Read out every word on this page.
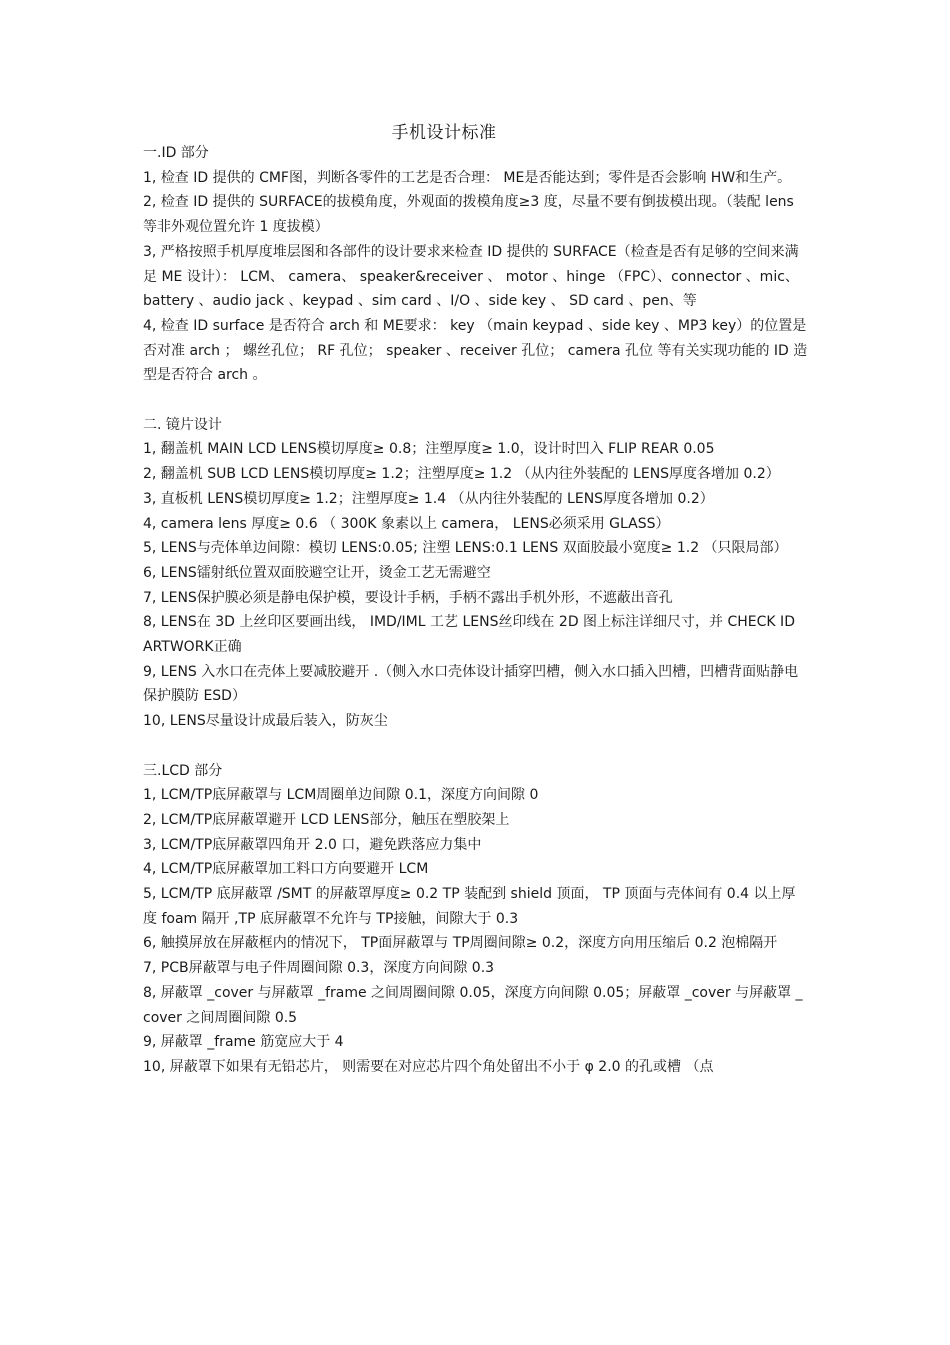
手机设计标准

一.ID 部分

1, 检查 ID 提供的 CMF图，判断各零件的工艺是否合理： ME是否能达到；零件是否会影响 HW和生产。

2, 检查 ID 提供的 SURFACE的拔模角度，外观面的拨模角度≥3 度，尽量不要有倒拔模出现。（装配 lens 等非外观位置允许 1 度拔模）

3, 严格按照手机厚度堆层图和各部件的设计要求来检查 ID 提供的 SURFACE（检查是否有足够的空间来满足 ME 设计）： LCM、 camera、 speaker&receiver 、 motor 、hinge （FPC）、connector 、mic、 battery 、audio jack 、keypad 、sim card 、I/O 、side key 、 SD card 、pen、等

4, 检查 ID surface 是否符合 arch 和 ME要求： key （main keypad 、side key 、MP3 key）的位置是否对准 arch ； 螺丝孔位； RF 孔位； speaker 、receiver 孔位； camera 孔位 等有关实现功能的 ID 造型是否符合 arch 。

二. 镜片设计

1, 翻盖机 MAIN LCD LENS模切厚度≥ 0.8；注塑厚度≥ 1.0，设计时凹入 FLIP REAR 0.05

2, 翻盖机 SUB LCD LENS模切厚度≥ 1.2；注塑厚度≥ 1.2 （从内往外装配的 LENS厚度各增加 0.2）

3, 直板机 LENS模切厚度≥ 1.2；注塑厚度≥ 1.4 （从内往外装配的 LENS厚度各增加 0.2）

4, camera lens 厚度≥ 0.6 （ 300K 象素以上 camera， LENS必须采用 GLASS）

5, LENS与壳体单边间隙：模切 LENS:0.05; 注塑 LENS:0.1 LENS 双面胶最小宽度≥ 1.2 （只限局部）

6, LENS镭射纸位置双面胶避空让开，烫金工艺无需避空

7, LENS保护膜必须是静电保护模，要设计手柄，手柄不露出手机外形，不遮蔽出音孔

8, LENS在 3D 上丝印区要画出线， IMD/IML 工艺 LENS丝印线在 2D 图上标注详细尺寸，并 CHECK ID ARTWORK正确

9, LENS 入水口在壳体上要减胶避开 .（侧入水口壳体设计插穿凹槽，侧入水口插入凹槽，凹槽背面贴静电保护膜防 ESD）

10, LENS尽量设计成最后装入，防灰尘

三.LCD 部分

1, LCM/TP底屏蔽罩与 LCM周圈单边间隙 0.1，深度方向间隙 0

2, LCM/TP底屏蔽罩避开 LCD LENS部分，触压在塑胶架上

3, LCM/TP底屏蔽罩四角开 2.0 口，避免跌落应力集中

4, LCM/TP底屏蔽罩加工料口方向要避开 LCM

5, LCM/TP 底屏蔽罩 /SMT 的屏蔽罩厚度≥ 0.2 TP 装配到 shield 顶面， TP 顶面与壳体间有 0.4 以上厚度 foam 隔开 ,TP 底屏蔽罩不允许与 TP接触，间隙大于 0.3

6, 触摸屏放在屏蔽框内的情况下， TP面屏蔽罩与 TP周圈间隙≥ 0.2，深度方向用压缩后 0.2 泡棉隔开

7, PCB屏蔽罩与电子件周圈间隙 0.3，深度方向间隙 0.3

8, 屏蔽罩 _cover 与屏蔽罩 _frame 之间周圈间隙 0.05，深度方向间隙 0.05；屏蔽罩 _cover 与屏蔽罩 _cover 之间周圈间隙 0.5

9, 屏蔽罩 _frame 筋宽应大于 4

10, 屏蔽罩下如果有无铅芯片， 则需要在对应芯片四个角处留出不小于 φ 2.0 的孔或槽 （点
